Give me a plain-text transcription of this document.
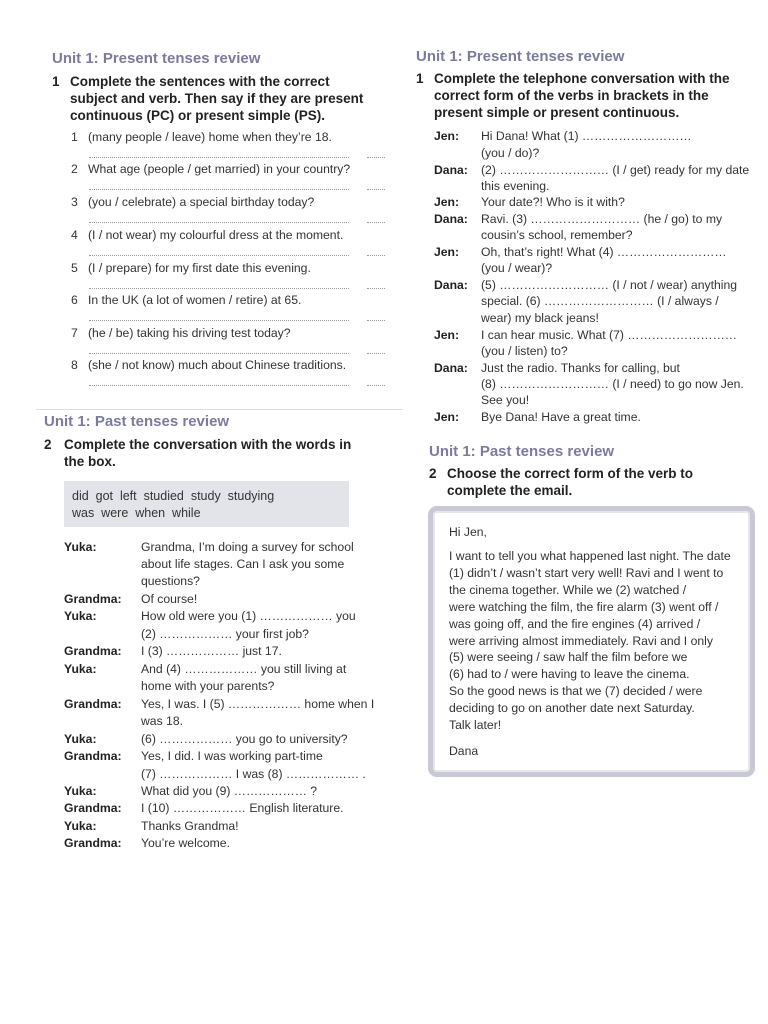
Unit 1: Present tenses review
1 Complete the sentences with the correct
subject and verb. Then say if they are present
continuous (PC) or present simple (PS).
1 (many people / leave) home when they’re 18.
2 What age (people / get married) in your country?
3 (you / celebrate) a special birthday today?
4 (I / not wear) my colourful dress at the moment.
5 (I / prepare) for my first date this evening.
6 In the UK (a lot of women / retire) at 65.
7 (he / be) taking his driving test today?
8 (she / not know) much about Chinese traditions.
Unit 1: Past tenses review
2 Complete the conversation with the words in
the box.
did  got  left  studied  study  studying
was  were  when  while
Yuka:	Grandma, I’m doing a survey for school
about life stages. Can I ask you some
questions?
Grandma: Of course!
Yuka:	How old were you (1) ……………… you
(2) ……………… your first job?
Grandma: I (3) ……………… just 17.
Yuka:	And (4) ……………… you still living at
home with your parents?
Grandma: Yes, I was. I (5) ……………… home when I
was 18.
Yuka:	(6) ……………… you go to university?
Grandma: Yes, I did. I was working part-time
(7) ……………… I was (8) ……………… .
Yuka:	What did you (9) ……………… ?
Grandma: I (10) ……………… English literature.
Yuka:	Thanks Grandma!
Grandma: You’re welcome.
Unit 1: Present tenses review
1 Complete the telephone conversation with the
correct form of the verbs in brackets in the
present simple or present continuous.
Jen: Hi Dana! What (1) ………………………
(you / do)?
Dana: (2) ……………………… (I / get) ready for my date
this evening.
Jen: Your date?! Who is it with?
Dana: Ravi. (3) ……………………… (he / go) to my
cousin’s school, remember?
Jen: Oh, that’s right! What (4) ………………………
(you / wear)?
Dana: (5) ……………………… (I / not / wear) anything
special. (6) ……………………… (I / always /
wear) my black jeans!
Jen: I can hear music. What (7) ………………………
(you / listen) to?
Dana: Just the radio. Thanks for calling, but
(8) ……………………… (I / need) to go now Jen.
See you!
Jen: Bye Dana! Have a great time.
Unit 1: Past tenses review
2 Choose the correct form of the verb to
complete the email.
Hi Jen,
I want to tell you what happened last night. The date
(1) didn’t / wasn’t start very well! Ravi and I went to
the cinema together. While we (2) watched /
were watching the film, the fire alarm (3) went off /
was going off, and the fire engines (4) arrived /
were arriving almost immediately. Ravi and I only
(5) were seeing / saw half the film before we
(6) had to / were having to leave the cinema.
So the good news is that we (7) decided / were
deciding to go on another date next Saturday.
Talk later!
Dana
